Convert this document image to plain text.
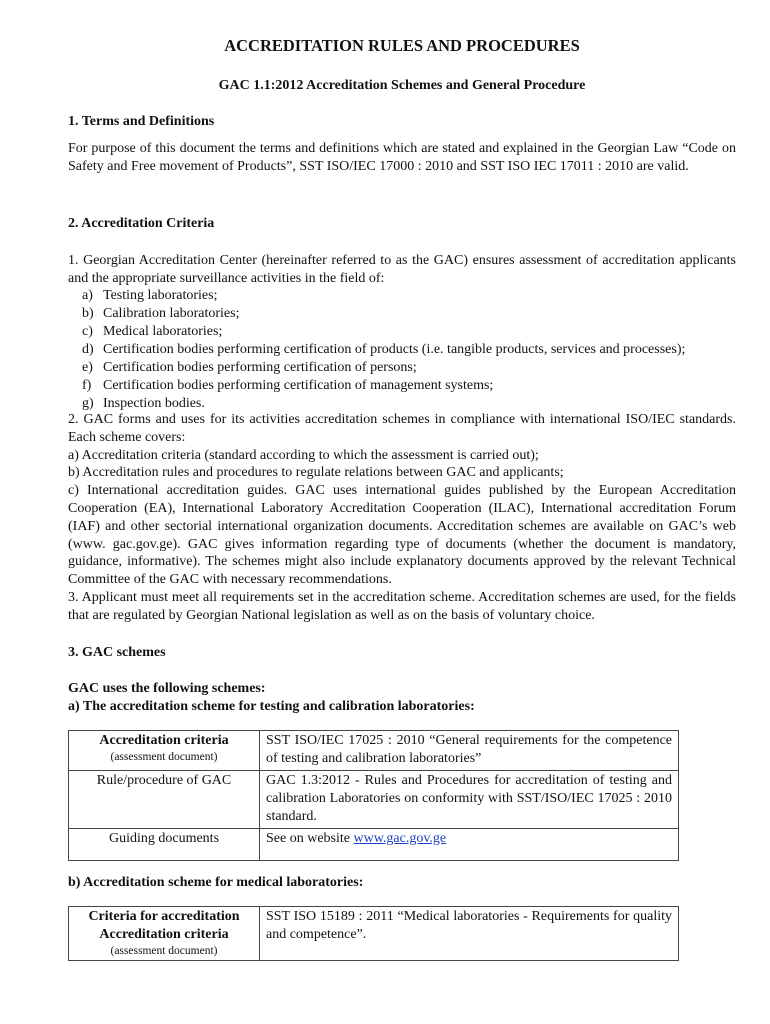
ACCREDITATION RULES AND PROCEDURES
GAC 1.1:2012 Accreditation Schemes and General Procedure
1. Terms and Definitions

For purpose of this document the terms and definitions which are stated and explained in the Georgian Law “Code on Safety and Free movement of Products”, SST ISO/IEC 17000 : 2010 and SST ISO IEC 17011 : 2010 are valid.

2. Accreditation Criteria

1. Georgian Accreditation Center (hereinafter referred to as the GAC) ensures assessment of accreditation applicants and the appropriate surveillance activities in the field of:

a) Testing laboratories;
b) Calibration laboratories;
c) Medical laboratories;
d) Certification bodies performing certification of products (i.e. tangible products, services and processes);
e) Certification bodies performing certification of persons;
f) Certification bodies performing certification of management systems;
g) Inspection bodies.
2. GAC forms and uses for its activities accreditation schemes in compliance with international ISO/IEC standards. Each scheme covers:
a) Accreditation criteria (standard according to which the assessment is carried out);
b) Accreditation rules and procedures to regulate relations between GAC and applicants;
c) International accreditation guides. GAC uses international guides published by the European Accreditation Cooperation (EA), International Laboratory Accreditation Cooperation (ILAC), International accreditation Forum (IAF) and other sectorial international organization documents. Accreditation schemes are available on GAC’s web (www. gac.gov.ge). GAC gives information regarding type of documents (whether the document is mandatory, guidance, informative). The schemes might also include explanatory documents approved by the relevant Technical Committee of the GAC with necessary recommendations.
3. Applicant must meet all requirements set in the accreditation scheme. Accreditation schemes are used, for the fields that are regulated by Georgian National legislation as well as on the basis of voluntary choice.
3. GAC schemes
GAC uses the following schemes:
a) The accreditation scheme for testing and calibration laboratories:
Accreditation criteria
(assessment document)	SST ISO/IEC 17025 : 2010 “General requirements for the competence of testing and calibration laboratories”
Rule/procedure of GAC	GAC 1.3:2012 - Rules and Procedures for accreditation of testing and calibration Laboratories on conformity with SST/ISO/IEC 17025 : 2010 standard.
Guiding documents	See on website www.gac.gov.ge
b) Accreditation scheme for medical laboratories:
Criteria for accreditation
Accreditation criteria
(assessment document)
	SST ISO 15189 : 2011 “Medical laboratories - Requirements for quality and competence”.
